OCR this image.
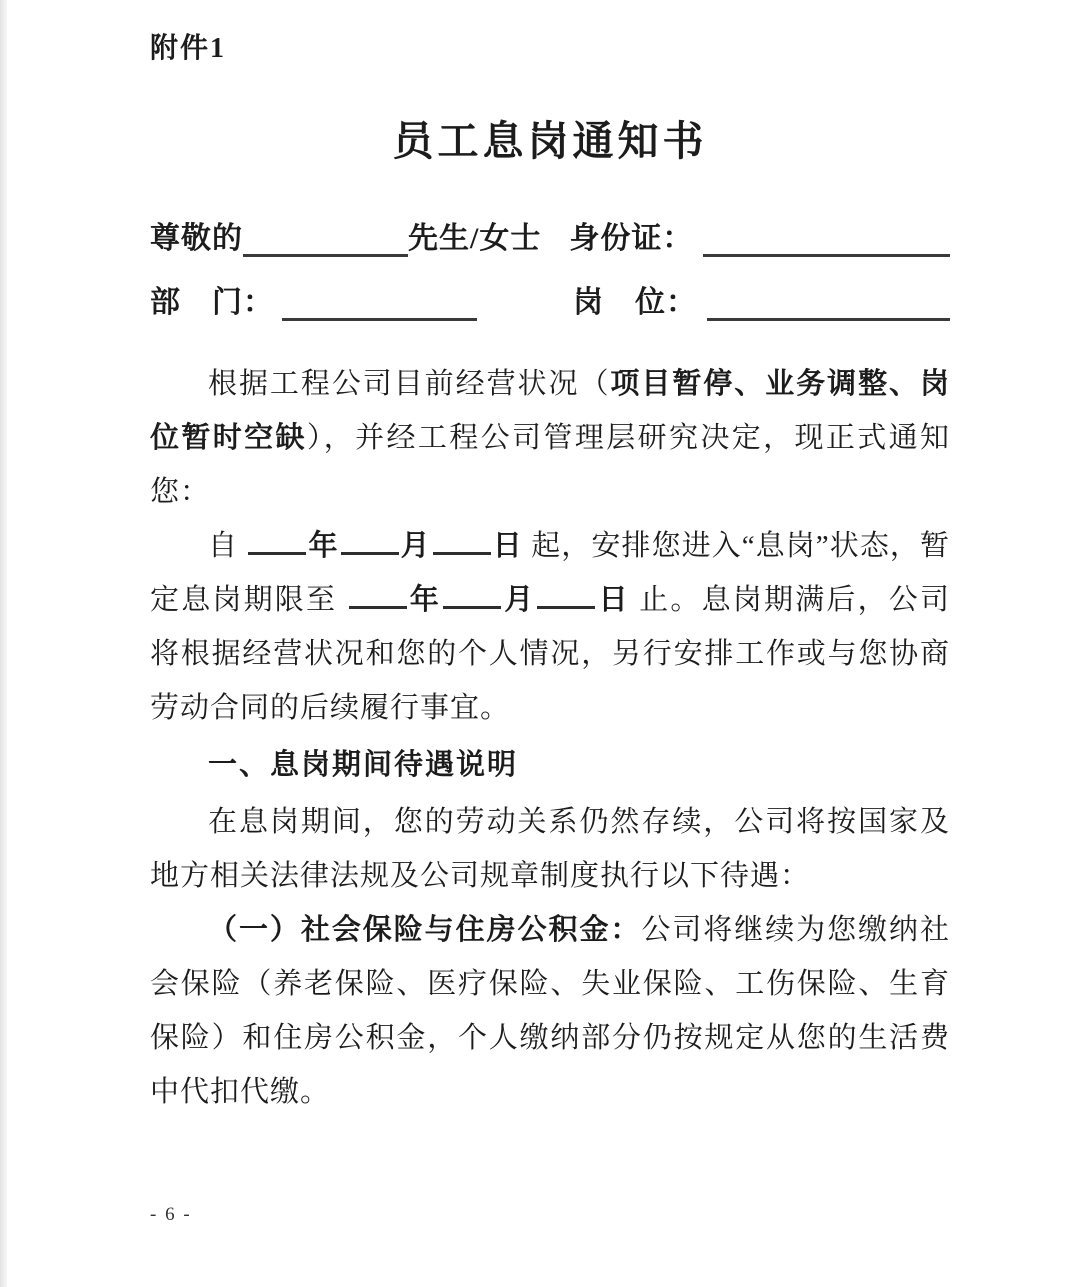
附件1
员工息岗通知书
尊敬的	先生/女士 身份证：
部　门：	岗　位：

根据工程公司目前经营状况（项目暂停、业务调整、岗位暂时空缺），并经工程公司管理层研究决定，现正式通知您：

自 年 月 日 起，安排您进入“息岗”状态，暂定息岗期限至 年 月 日 止。息岗期满后，公司将根据经营状况和您的个人情况，另行安排工作或与您协商劳动合同的后续履行事宜。

一、息岗期间待遇说明

在息岗期间，您的劳动关系仍然存续，公司将按国家及地方相关法律法规及公司规章制度执行以下待遇：

（一）社会保险与住房公积金：公司将继续为您缴纳社会保险（养老保险、医疗保险、失业保险、工伤保险、生育保险）和住房公积金，个人缴纳部分仍按规定从您的生活费中代扣代缴。

- 6 -
